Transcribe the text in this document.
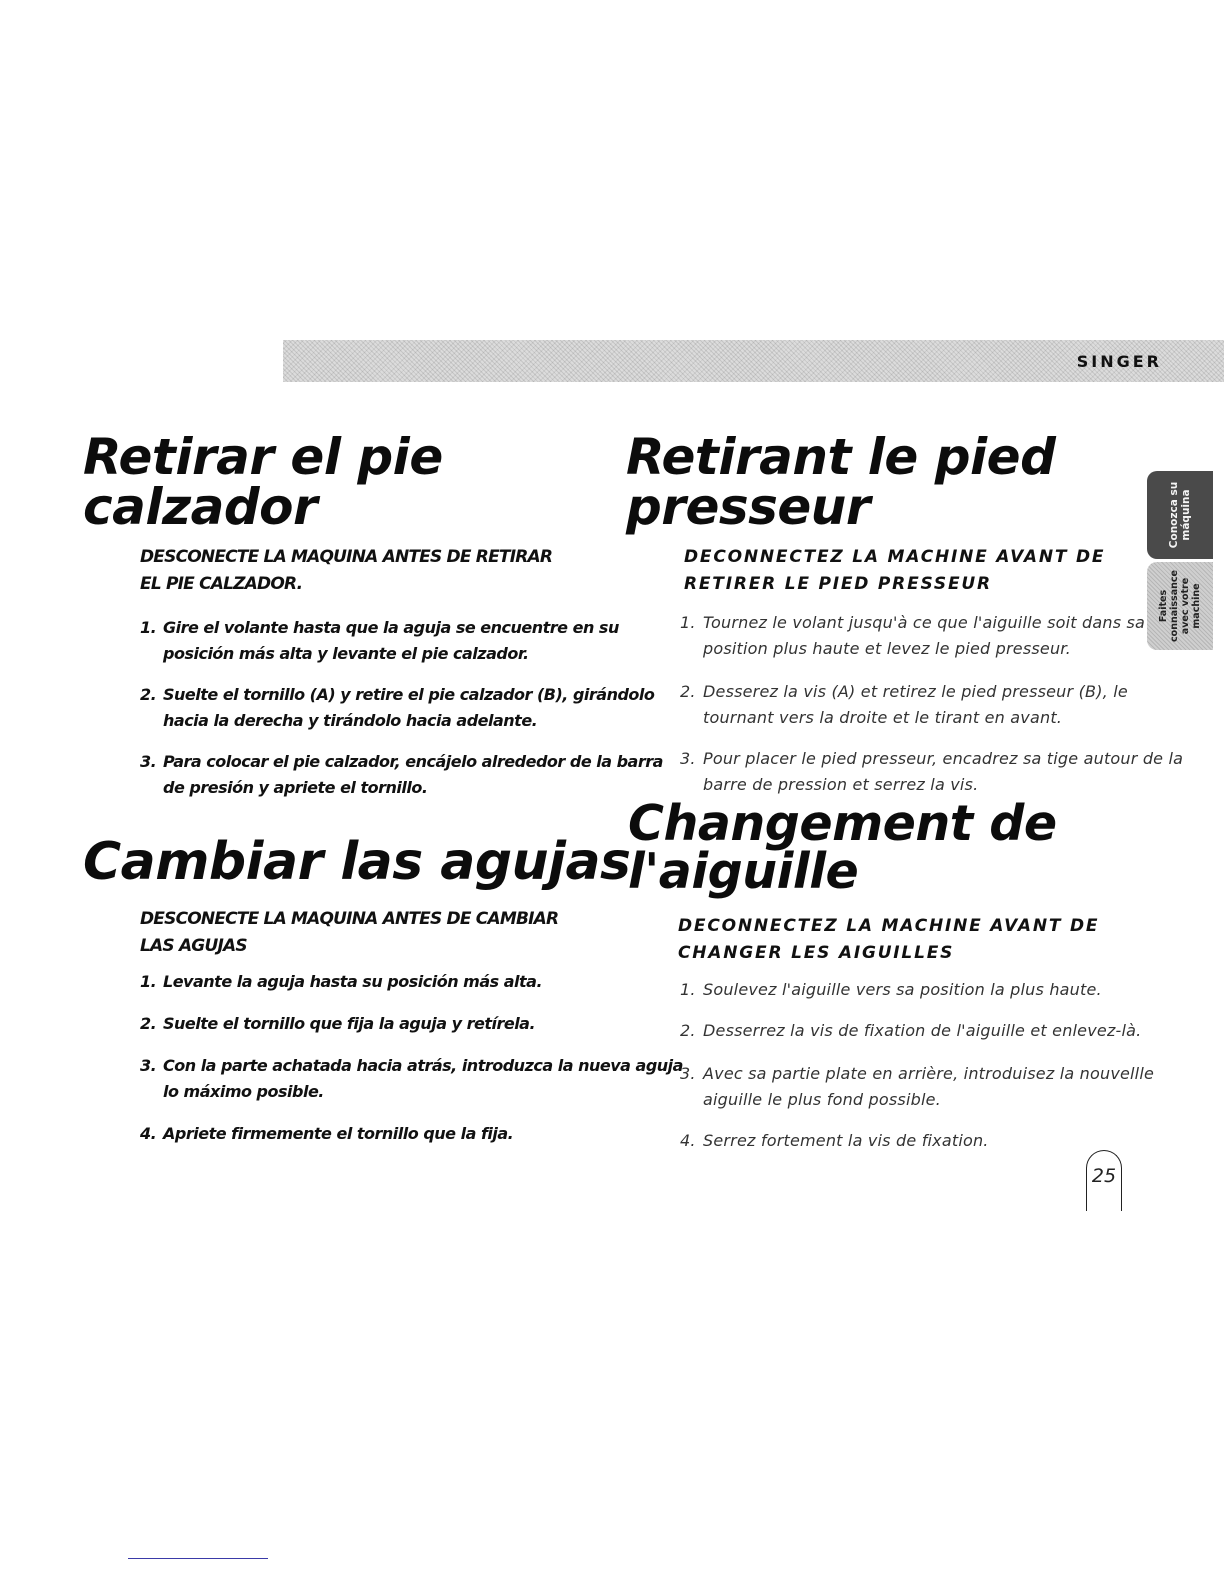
SINGER
Conozca su máquina
Faites connaissance avec votre machine
Retirar el pie
calzador

DESCONECTE LA MAQUINA ANTES DE RETIRAR
EL PIE CALZADOR.

1. Gire el volante hasta que la aguja se encuentre en su
posición más alta y levante el pie calzador.

2. Suelte el tornillo (A) y retire el pie calzador (B), girándolo
hacia la derecha y tirándolo hacia adelante.

3. Para colocar el pie calzador, encájelo alrededor de la barra
de presión y apriete el tornillo.

Cambiar las agujas

DESCONECTE LA MAQUINA ANTES DE CAMBIAR
LAS AGUJAS

1. Levante la aguja hasta su posición más alta.

2. Suelte el tornillo que fija la aguja y retírela.

3. Con la parte achatada hacia atrás, introduzca la nueva aguja
lo máximo posible.

4. Apriete firmemente el tornillo que la fija.

Retirant le pied
presseur

DECONNECTEZ LA MACHINE AVANT DE
RETIRER LE PIED PRESSEUR

1. Tournez le volant jusqu'à ce que l'aiguille soit dans sa
position plus haute et levez le pied presseur.

2. Desserez la vis (A) et retirez le pied presseur (B), le
tournant vers la droite et le tirant en avant.

3. Pour placer le pied presseur, encadrez sa tige autour de la
barre de pression et serrez la vis.

Changement de
l'aiguille

DECONNECTEZ LA MACHINE AVANT DE
CHANGER LES AIGUILLES

1. Soulevez l'aiguille vers sa position la plus haute.

2. Desserrez la vis de fixation de l'aiguille et enlevez-là.

3. Avec sa partie plate en arrière, introduisez la nouvellle
aiguille le plus fond possible.

4. Serrez fortement la vis de fixation.

25
